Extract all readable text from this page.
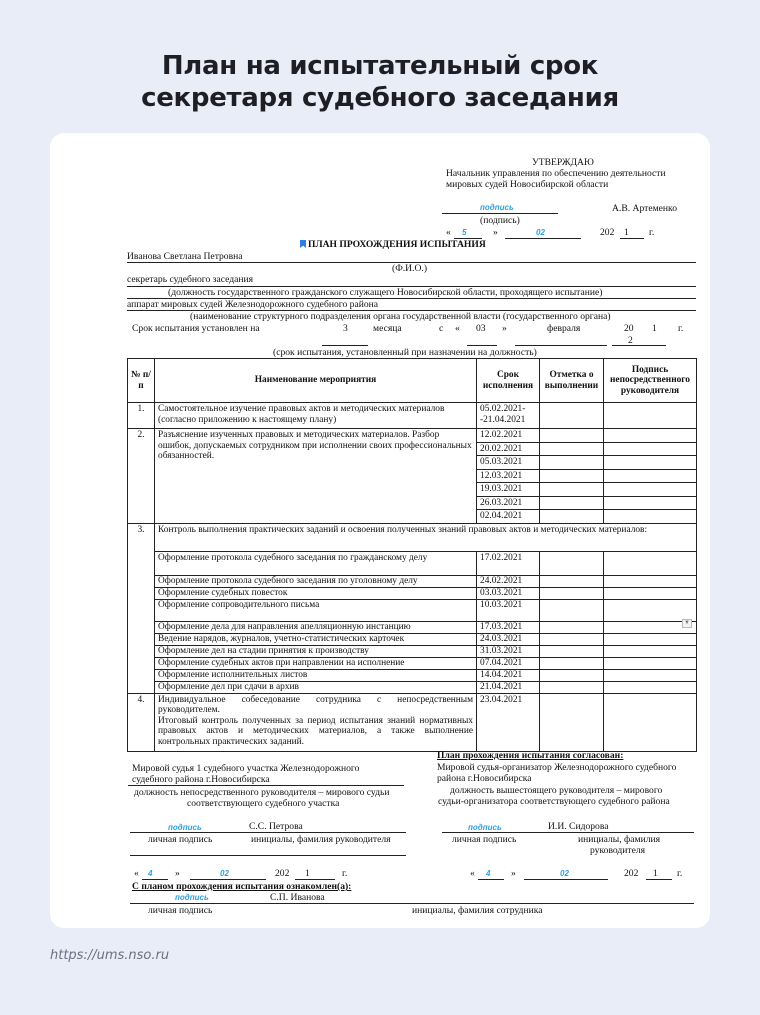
План на испытательный срок
секретаря судебного заседания
УТВЕРЖДАЮ
Начальник управления по обеспечению деятельности
мировых судей Новосибирской области
подпись	А.В. Артеменко
(подпись)
« 5	»	02	202 1 г.
ПЛАН ПРОХОЖДЕНИЯ ИСПЫТАНИЯ
Иванова Светлана Петровна
(Ф.И.О.)
секретарь судебного заседания
(должность государственного гражданского служащего Новосибирской области, проходящего испытание)
аппарат мировых судей Железнодорожного судебного района
(наименование структурного подразделения органа государственной власти (государственного органа)
Срок испытания установлен на	3	месяца	с « 03 »	февраля	20 1
2
г.
(срок испытания, установленный при назначении на должность)
№ п/ п	Наименование мероприятия	Срок исполнения	Отметка о выполнении	Подпись непосредственного руководителя
1.	Самостоятельное изучение правовых актов и методических материалов (согласно приложению к настоящему плану)	05.02.2021- -21.04.2021		
2.	Разъяснение изученных правовых и методических материалов. Разбор ошибок, допускаемых сотрудником при исполнении своих профессиональных обязанностей.	12.02.2021		
		20.02.2021		
		05.03.2021		
		12.03.2021		
		19.03.2021		
		26.03.2021		
		02.04.2021		
3.	Контроль выполнения практических заданий и освоения полученных знаний правовых актов и методических материалов:			
	Оформление протокола судебного заседания по гражданскому делу	17.02.2021		
	Оформление протокола судебного заседания по уголовному делу	24.02.2021		
	Оформление судебных повесток	03.03.2021		
	Оформление сопроводительного письма	10.03.2021		
	Оформление дела для направления апелляционную инстанцию	17.03.2021		
	Ведение нарядов, журналов, учетно-статистических карточек	24.03.2021		
	Оформление дел на стадии принятия к производству	31.03.2021		
	Оформление судебных актов при направлении на исполнение	07.04.2021		
	Оформление исполнительных листов	14.04.2021		
	Оформление дел при сдачи в архив	21.04.2021		
4.	Индивидуальное собеседование сотрудника с непосредственным руководителем.
Итоговый контроль полученных за период испытания знаний нормативных правовых актов и методических материалов, а также выполнение контрольных практических заданий.	23.04.2021		
▼
Мировой судья 1 судебного участка Железнодорожного
судебного района г.Новосибирска
должность непосредственного руководителя – мирового судьи
соответствующего судебного участка
подпись	С.С. Петрова
личная подпись	инициалы, фамилия руководителя
« 4 »	02	202 1	г.
План прохождения испытания согласован:
Мировой судья-организатор Железнодорожного судебного
района г.Новосибирска
должность вышестоящего руководителя – мирового
судьи-организатора соответствующего судебного района
подпись	И.И. Сидорова
личная подпись	инициалы, фамилия
руководителя
« 4 »	02	202 1 г.
С планом прохождения испытания ознакомлен(а):
подпись	С.П. Иванова
личная подпись	инициалы, фамилия сотрудника
https://ums.nso.ru
